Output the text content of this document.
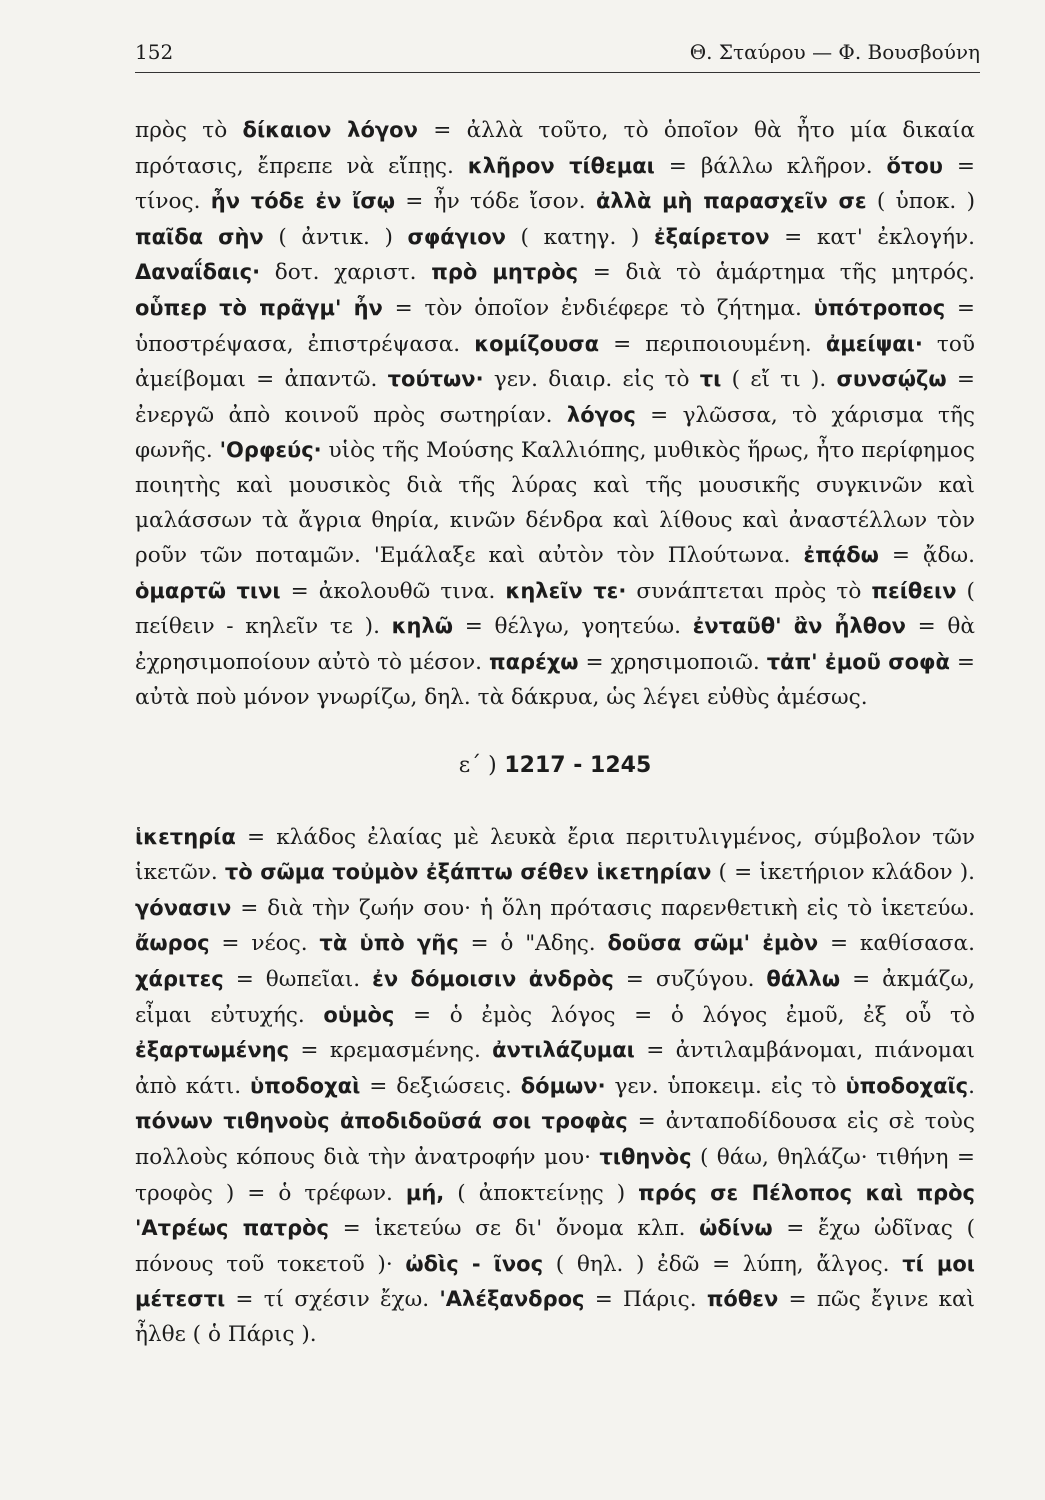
152	Θ. Σταύρου — Φ. Βουσβούνη

πρὸς τὸ δίκαιον λόγον = ἀλλὰ τοῦτο, τὸ ὁποῖον θὰ ἦτο μία δικαία πρότασις, ἔπρεπε νὰ εἴπῃς. κλῆρον τίθεμαι = βάλλω κλῆρον. ὅτου = τίνος. ἦν τόδε ἐν ἴσῳ = ἦν τόδε ἴσον. ἀλλὰ μὴ παρασχεῖν σε ( ὑποκ. ) παῖδα σὴν ( ἀντικ. ) σφάγιον ( κατηγ. ) ἐξαίρετον = κατ' ἐκλογήν. Δαναΐδαις· δοτ. χαριστ. πρὸ μητρὸς = διὰ τὸ ἁμάρτημα τῆς μητρός. οὗπερ τὸ πρᾶγμ' ἦν = τὸν ὁποῖον ἐνδιέφερε τὸ ζήτημα. ὑπότροπος = ὑποστρέψασα, ἐπιστρέψασα. κομίζουσα = περιποιουμένη. ἀμείψαι· τοῦ ἀμείβομαι = ἀπαντῶ. τούτων· γεν. διαιρ. εἰς τὸ τι ( εἴ τι ). συνσῴζω = ἐνεργῶ ἀπὸ κοινοῦ πρὸς σωτηρίαν. λόγος = γλῶσσα, τὸ χάρισμα τῆς φωνῆς. 'Ορφεύς· υἱὸς τῆς Μούσης Καλλιόπης, μυθικὸς ἥρως, ἦτο περίφημος ποιητὴς καὶ μουσικὸς διὰ τῆς λύρας καὶ τῆς μουσικῆς συγκινῶν καὶ μαλάσσων τὰ ἄγρια θηρία, κινῶν δένδρα καὶ λίθους καὶ ἀναστέλλων τὸν ροῦν τῶν ποταμῶν. 'Εμάλαξε καὶ αὐτὸν τὸν Πλούτωνα. ἐπᾴδω = ᾄδω. ὁμαρτῶ τινι = ἀκολουθῶ τινα. κηλεῖν τε· συνάπτεται πρὸς τὸ πείθειν ( πείθειν - κηλεῖν τε ). κηλῶ = θέλγω, γοητεύω. ἐνταῦθ' ἂν ἦλθον = θὰ ἐχρησιμοποίουν αὐτὸ τὸ μέσον. παρέχω = χρησιμοποιῶ. τἀπ' ἐμοῦ σοφὰ = αὐτὰ ποὺ μόνον γνωρίζω, δηλ. τὰ δάκρυα, ὡς λέγει εὐθὺς ἀμέσως.

ε΄ ) 1217 - 1245

ἱκετηρία = κλάδος ἐλαίας μὲ λευκὰ ἔρια περιτυλιγμένος, σύμβολον τῶν ἱκετῶν. τὸ σῶμα τοὐμὸν ἐξάπτω σέθεν ἱκετηρίαν ( = ἱκετήριον κλάδον ). γόνασιν = διὰ τὴν ζωήν σου· ἡ ὅλη πρότασις παρενθετικὴ εἰς τὸ ἱκετεύω. ἄωρος = νέος. τὰ ὑπὸ γῆς = ὁ "Αδης. δοῦσα σῶμ' ἐμὸν = καθίσασα. χάριτες = θωπεῖαι. ἐν δόμοισιν ἀνδρὸς = συζύγου. θάλλω = ἀκμάζω, εἶμαι εὐτυχής. οὑμὸς = ὁ ἐμὸς λόγος = ὁ λόγος ἐμοῦ, ἐξ οὗ τὸ ἐξαρτωμένης = κρεμασμένης. ἀντιλάζυμαι = ἀντιλαμβάνομαι, πιάνομαι ἀπὸ κάτι. ὑποδοχαὶ = δεξιώσεις. δόμων· γεν. ὑποκειμ. εἰς τὸ ὑποδοχαῖς. πόνων τιθηνοὺς ἀποδιδοῦσά σοι τροφὰς = ἀνταποδίδουσα εἰς σὲ τοὺς πολλοὺς κόπους διὰ τὴν ἀνατροφήν μου· τιθηνὸς ( θάω, θηλάζω· τιθήνη = τροφὸς ) = ὁ τρέφων. μή, ( ἀποκτείνῃς ) πρός σε Πέλοπος καὶ πρὸς 'Ατρέως πατρὸς = ἱκετεύω σε δι' ὄνομα κλπ. ὠδίνω = ἔχω ὠδῖνας ( πόνους τοῦ τοκετοῦ )· ὠδὶς - ῖνος ( θηλ. ) ἐδῶ = λύπη, ἄλγος. τί μοι μέτεστι = τί σχέσιν ἔχω. 'Αλέξανδρος = Πάρις. πόθεν = πῶς ἔγινε καὶ ἦλθε ( ὁ Πάρις ).
